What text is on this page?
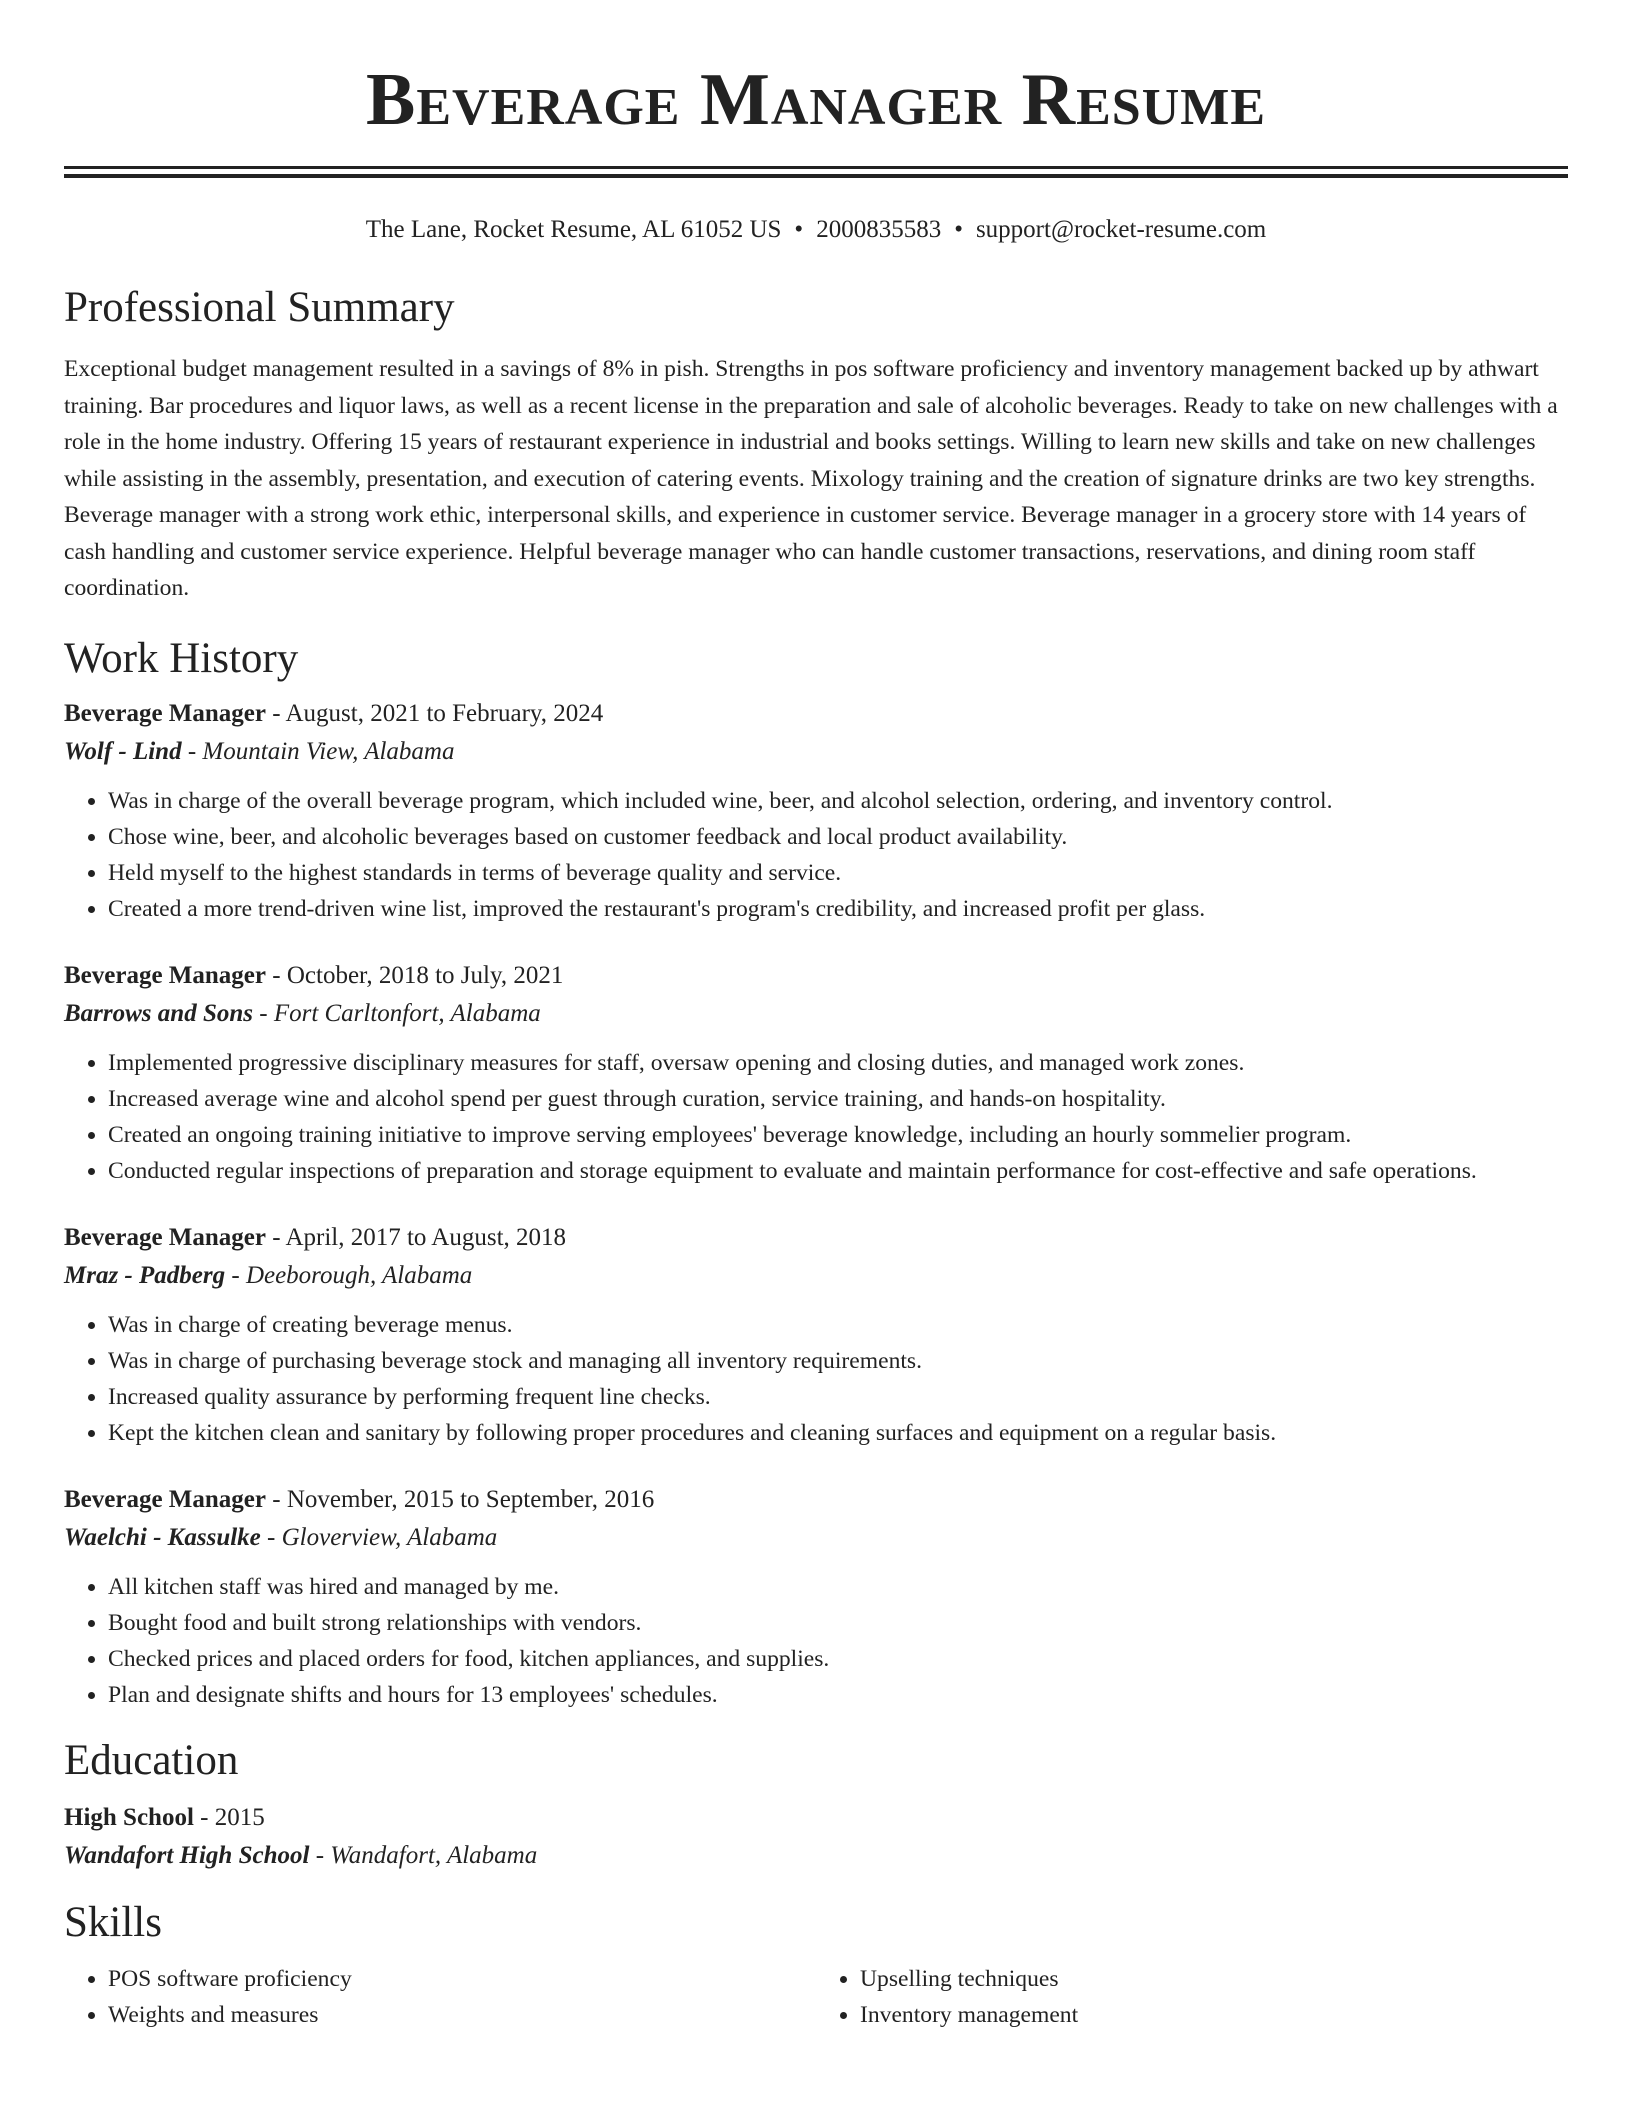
Beverage Manager Resume
The Lane, Rocket Resume, AL 61052 US • 2000835583 • support@rocket-resume.com
Professional Summary

Exceptional budget management resulted in a savings of 8% in pish. Strengths in pos software proficiency and inventory management backed up by athwart training. Bar procedures and liquor laws, as well as a recent license in the preparation and sale of alcoholic beverages. Ready to take on new challenges with a role in the home industry. Offering 15 years of restaurant experience in industrial and books settings. Willing to learn new skills and take on new challenges while assisting in the assembly, presentation, and execution of catering events. Mixology training and the creation of signature drinks are two key strengths. Beverage manager with a strong work ethic, interpersonal skills, and experience in customer service. Beverage manager in a grocery store with 14 years of cash handling and customer service experience. Helpful beverage manager who can handle customer transactions, reservations, and dining room staff coordination.

Work History
Beverage Manager - August, 2021 to February, 2024
Wolf - Lind - Mountain View, Alabama
• Was in charge of the overall beverage program, which included wine, beer, and alcohol selection, ordering, and inventory control.
• Chose wine, beer, and alcoholic beverages based on customer feedback and local product availability.
• Held myself to the highest standards in terms of beverage quality and service.
• Created a more trend-driven wine list, improved the restaurant's program's credibility, and increased profit per glass.
Beverage Manager - October, 2018 to July, 2021
Barrows and Sons - Fort Carltonfort, Alabama
• Implemented progressive disciplinary measures for staff, oversaw opening and closing duties, and managed work zones.
• Increased average wine and alcohol spend per guest through curation, service training, and hands-on hospitality.
• Created an ongoing training initiative to improve serving employees' beverage knowledge, including an hourly sommelier program.
• Conducted regular inspections of preparation and storage equipment to evaluate and maintain performance for cost-effective and safe operations.
Beverage Manager - April, 2017 to August, 2018
Mraz - Padberg - Deeborough, Alabama
• Was in charge of creating beverage menus.
• Was in charge of purchasing beverage stock and managing all inventory requirements.
• Increased quality assurance by performing frequent line checks.
• Kept the kitchen clean and sanitary by following proper procedures and cleaning surfaces and equipment on a regular basis.
Beverage Manager - November, 2015 to September, 2016
Waelchi - Kassulke - Gloverview, Alabama
• All kitchen staff was hired and managed by me.
• Bought food and built strong relationships with vendors.
• Checked prices and placed orders for food, kitchen appliances, and supplies.
• Plan and designate shifts and hours for 13 employees' schedules.
Education
High School - 2015
Wandafort High School - Wandafort, Alabama
Skills
• POS software proficiency
• Weights and measures
• Upselling techniques
• Inventory management
